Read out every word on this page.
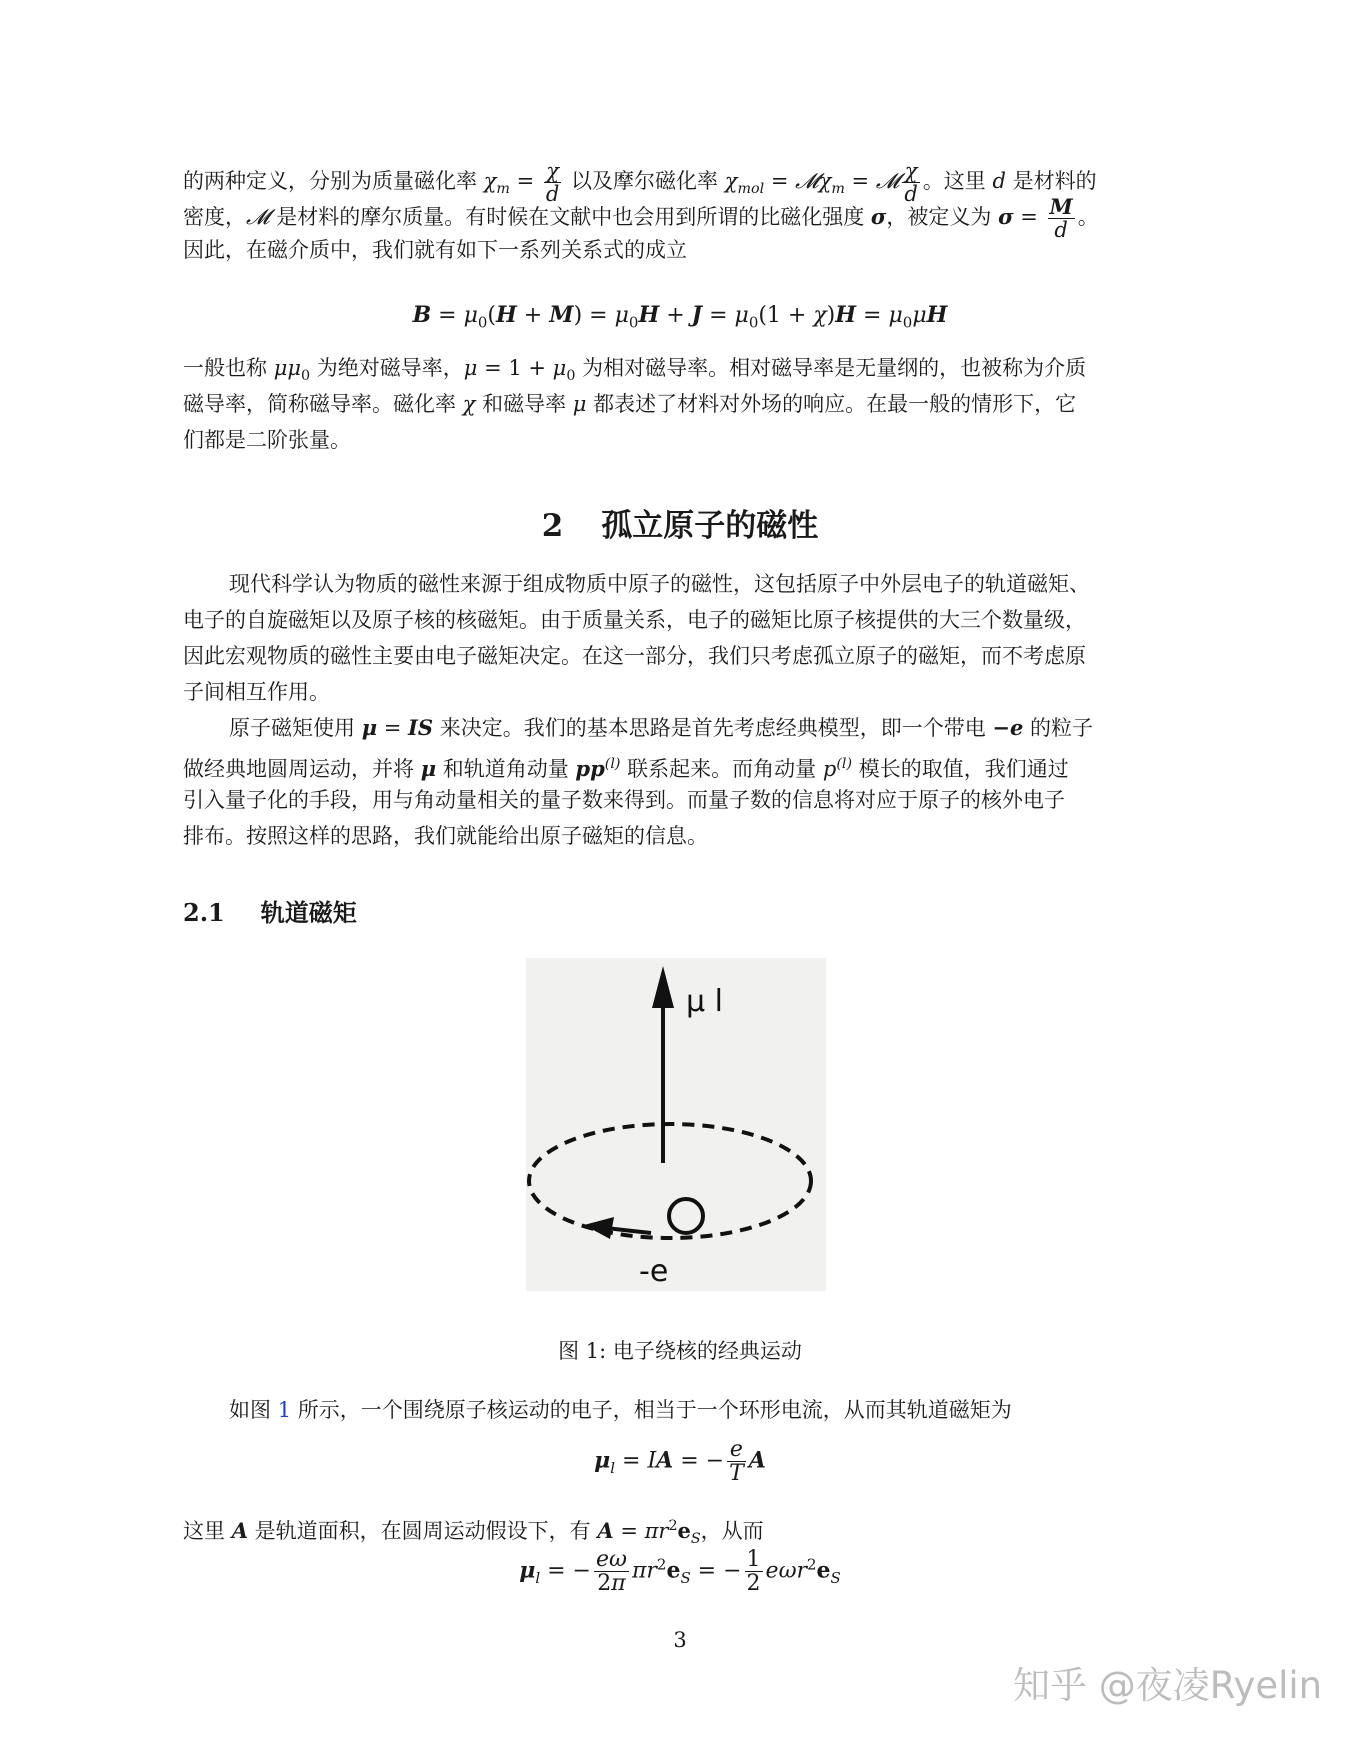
的两种定义，分别为质量磁化率 $\chi_m = \frac{\chi}{d}$ 以及摩尔磁化率 $\chi_{mol}$ = 𝓜χ$_m$ = 𝓜 $\frac{\chi}{d}$ 。这里 d 是材料的
密度，𝓜 是材料的摩尔质量。有时候在文献中也会用到所谓的比磁化强度 σ，被定义为 $\sigma = \frac{M}{d}$ 。
因此，在磁介质中，我们就有如下一系列关系式的成立
$B = \mu_0(H + M) = \mu_0H + J = \mu_0(1 + \chi)H = \mu_0\mu H$
一般也称 $\mu\mu_0$ 为绝对磁导率，$\mu = 1 + \mu_0$ 为相对磁导率。相对磁导率是无量纲的，也被称为介质
磁导率，简称磁导率。磁化率 χ 和磁导率 μ 都表述了材料对外场的响应。在最一般的情形下，它
们都是二阶张量。
2 孤立原子的磁性
现代科学认为物质的磁性来源于组成物质中原子的磁性，这包括原子中外层电子的轨道磁矩、
电子的自旋磁矩以及原子核的核磁矩。由于质量关系，电子的磁矩比原子核提供的大三个数量级，
因此宏观物质的磁性主要由电子磁矩决定。在这一部分，我们只考虑孤立原子的磁矩，而不考虑原
子间相互作用。
原子磁矩使用 μ = IS 来决定。我们的基本思路是首先考虑经典模型，即一个带电 −e 的粒子
做经典地圆周运动，并将 μ 和轨道角动量 $pp^{(l)}$ 联系起来。而角动量 $p^{(l)}$ 模长的取值，我们通过
引入量子化的手段，用与角动量相关的量子数来得到。而量子数的信息将对应于原子的核外电子
排布。按照这样的思路，我们就能给出原子磁矩的信息。
2.1 轨道磁矩
μ l
-e
图 1: 电子绕核的经典运动
如图 1 所示，一个围绕原子核运动的电子，相当于一个环形电流，从而其轨道磁矩为
$\mu_l$ = IA = − $\frac{e}{T}$ A
这里 A 是轨道面积，在圆周运动假设下，有 $A = \pi r^2e_S$，从而
$\mu_l$ = − $\frac{e\omega}{2\pi} \pi r^2e_S$ = − $\frac{1}{2} e\omega r^2e_S$
3
知乎 @夜凌Ryelin
